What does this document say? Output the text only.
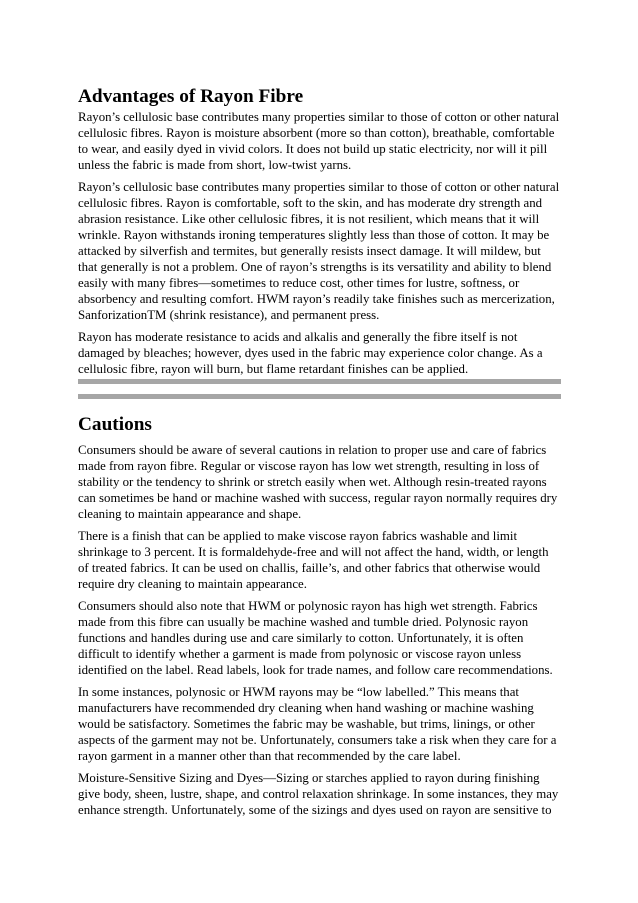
Advantages of Rayon Fibre
Rayon’s cellulosic base contributes many properties similar to those of cotton or other natural
cellulosic fibres. Rayon is moisture absorbent (more so than cotton), breathable, comfortable
to wear, and easily dyed in vivid colors. It does not build up static electricity, nor will it pill
unless the fabric is made from short, low-twist yarns.
Rayon’s cellulosic base contributes many properties similar to those of cotton or other natural
cellulosic fibres. Rayon is comfortable, soft to the skin, and has moderate dry strength and
abrasion resistance. Like other cellulosic fibres, it is not resilient, which means that it will
wrinkle. Rayon withstands ironing temperatures slightly less than those of cotton. It may be
attacked by silverfish and termites, but generally resists insect damage. It will mildew, but
that generally is not a problem. One of rayon’s strengths is its versatility and ability to blend
easily with many fibres—sometimes to reduce cost, other times for lustre, softness, or
absorbency and resulting comfort. HWM rayon’s readily take finishes such as mercerization,
SanforizationTM (shrink resistance), and permanent press.
Rayon has moderate resistance to acids and alkalis and generally the fibre itself is not
damaged by bleaches; however, dyes used in the fabric may experience color change. As a
cellulosic fibre, rayon will burn, but flame retardant finishes can be applied.
Cautions
Consumers should be aware of several cautions in relation to proper use and care of fabrics
made from rayon fibre. Regular or viscose rayon has low wet strength, resulting in loss of
stability or the tendency to shrink or stretch easily when wet. Although resin-treated rayons
can sometimes be hand or machine washed with success, regular rayon normally requires dry
cleaning to maintain appearance and shape.
There is a finish that can be applied to make viscose rayon fabrics washable and limit
shrinkage to 3 percent. It is formaldehyde-free and will not affect the hand, width, or length
of treated fabrics. It can be used on challis, faille’s, and other fabrics that otherwise would
require dry cleaning to maintain appearance.
Consumers should also note that HWM or polynosic rayon has high wet strength. Fabrics
made from this fibre can usually be machine washed and tumble dried. Polynosic rayon
functions and handles during use and care similarly to cotton. Unfortunately, it is often
difficult to identify whether a garment is made from polynosic or viscose rayon unless
identified on the label. Read labels, look for trade names, and follow care recommendations.
In some instances, polynosic or HWM rayons may be “low labelled.” This means that
manufacturers have recommended dry cleaning when hand washing or machine washing
would be satisfactory. Sometimes the fabric may be washable, but trims, linings, or other
aspects of the garment may not be. Unfortunately, consumers take a risk when they care for a
rayon garment in a manner other than that recommended by the care label.
Moisture-Sensitive Sizing and Dyes—Sizing or starches applied to rayon during finishing
give body, sheen, lustre, shape, and control relaxation shrinkage. In some instances, they may
enhance strength. Unfortunately, some of the sizings and dyes used on rayon are sensitive to
